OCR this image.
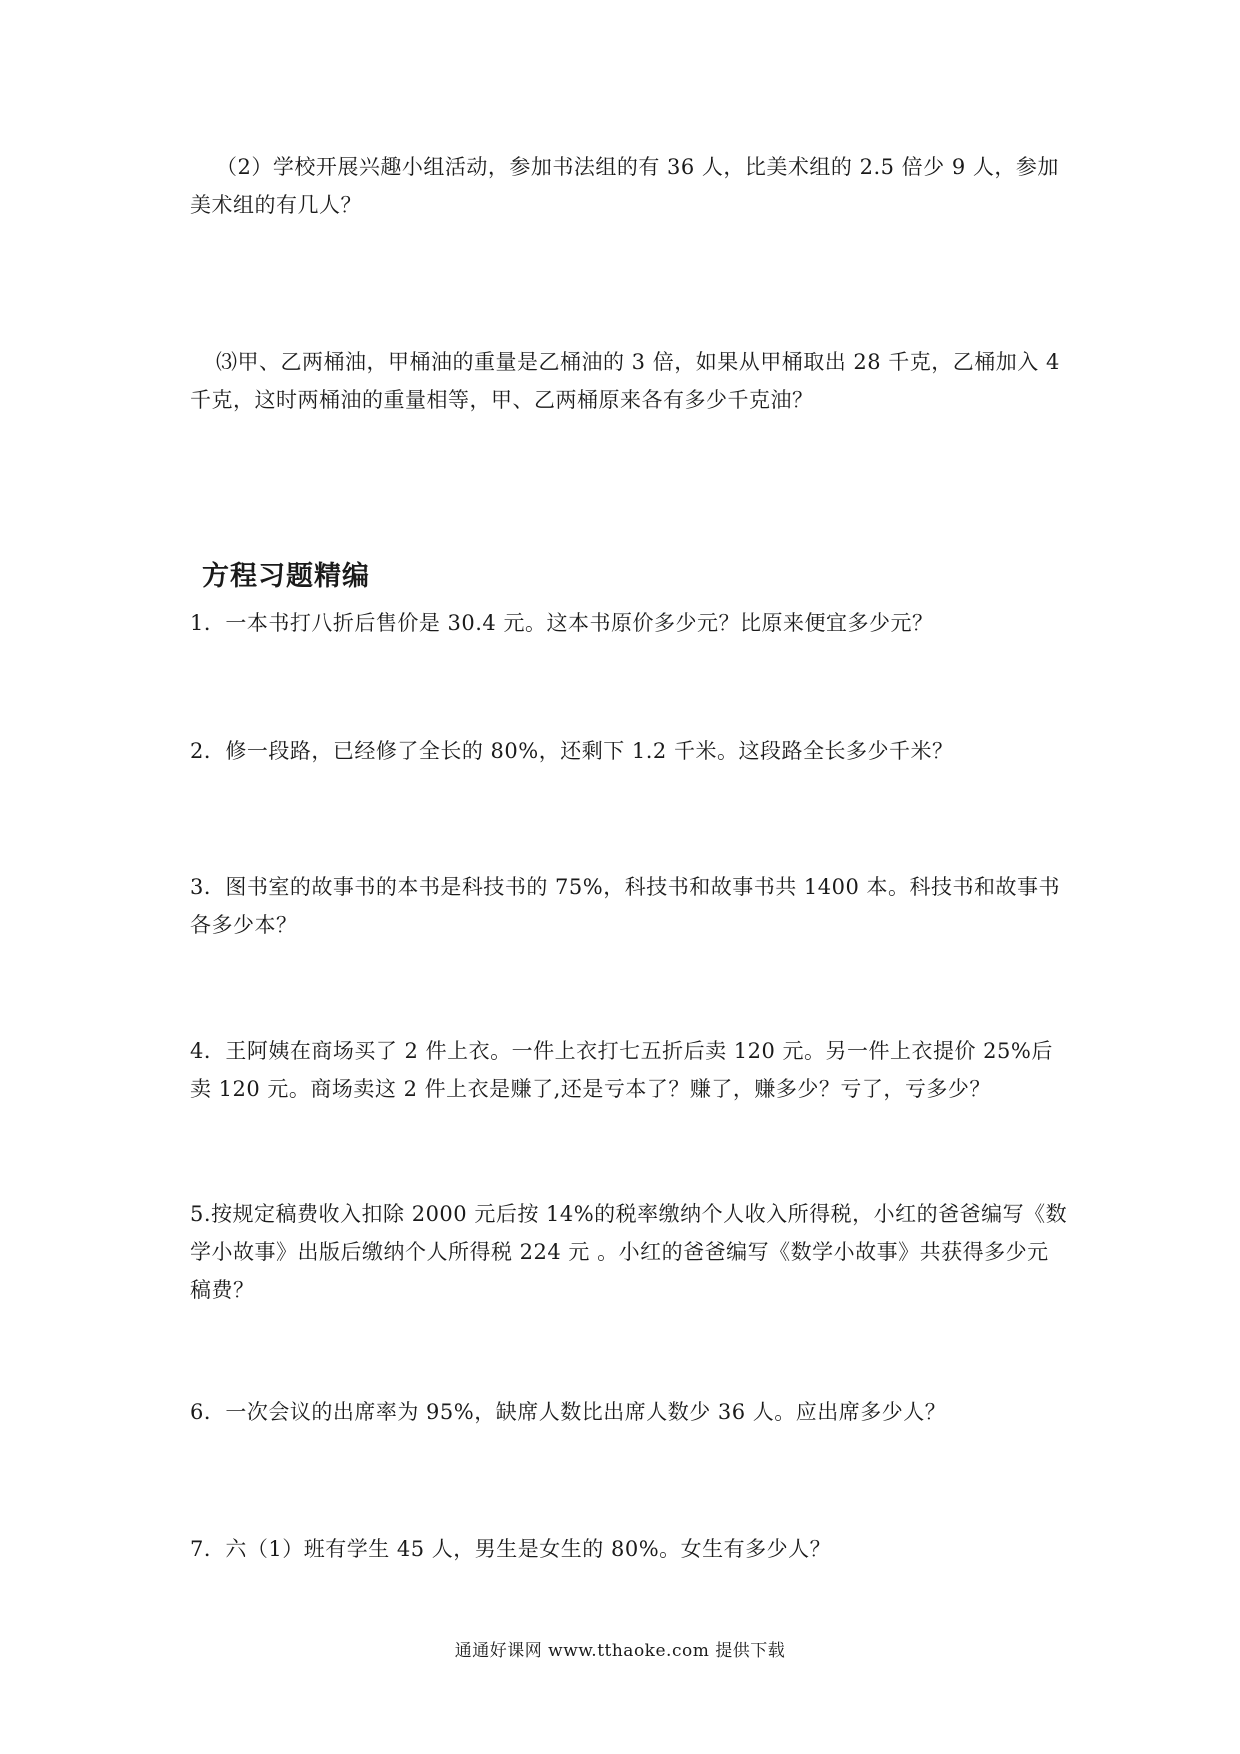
（2）学校开展兴趣小组活动，参加书法组的有 36 人，比美术组的 2.5 倍少 9 人，参加美术组的有几人？

⑶甲、乙两桶油，甲桶油的重量是乙桶油的 3 倍，如果从甲桶取出 28 千克，乙桶加入 4 千克，这时两桶油的重量相等，甲、乙两桶原来各有多少千克油？

方程习题精编

1．一本书打八折后售价是 30.4 元。这本书原价多少元？比原来便宜多少元？

2．修一段路，已经修了全长的 80%，还剩下 1.2 千米。这段路全长多少千米？

3．图书室的故事书的本书是科技书的 75%，科技书和故事书共 1400 本。科技书和故事书各多少本？

4．王阿姨在商场买了 2 件上衣。一件上衣打七五折后卖 120 元。另一件上衣提价 25%后卖 120 元。商场卖这 2 件上衣是赚了,还是亏本了？赚了，赚多少？亏了，亏多少？

5.按规定稿费收入扣除 2000 元后按 14%的税率缴纳个人收入所得税，小红的爸爸编写《数学小故事》出版后缴纳个人所得税 224 元 。小红的爸爸编写《数学小故事》共获得多少元稿费？

6．一次会议的出席率为 95%，缺席人数比出席人数少 36 人。应出席多少人？

7．六（1）班有学生 45 人，男生是女生的 80%。女生有多少人？

通通好课网 www.tthaoke.com 提供下载
